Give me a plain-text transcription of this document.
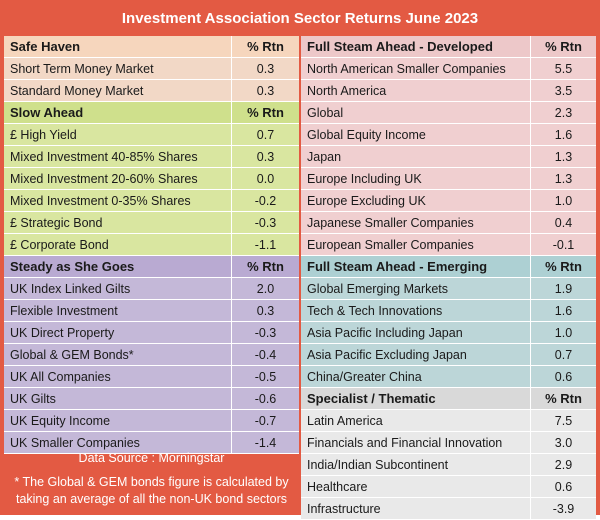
Investment Association Sector Returns June 2023
Safe Haven	% Rtn
Short Term Money Market	0.3
Standard Money Market	0.3
Slow Ahead	% Rtn
£ High Yield	0.7
Mixed Investment 40-85% Shares	0.3
Mixed Investment 20-60% Shares	0.0
Mixed Investment 0-35% Shares	-0.2
£ Strategic Bond	-0.3
£ Corporate Bond	-1.1
Steady as She Goes	% Rtn
UK Index Linked Gilts	2.0
Flexible Investment	0.3
UK Direct Property	-0.3
Global & GEM Bonds*	-0.4
UK All Companies	-0.5
UK Gilts	-0.6
UK Equity Income	-0.7
UK Smaller Companies	-1.4
Full Steam Ahead - Developed	% Rtn
North American Smaller Companies	5.5
North America	3.5
Global	2.3
Global Equity Income	1.6
Japan	1.3
Europe Including UK	1.3
Europe Excluding UK	1.0
Japanese Smaller Companies	0.4
European Smaller Companies	-0.1
Full Steam Ahead - Emerging	% Rtn
Global Emerging Markets	1.9
Tech & Tech Innovations	1.6
Asia Pacific Including Japan	1.0
Asia Pacific Excluding Japan	0.7
China/Greater China	0.6
Specialist / Thematic	% Rtn
Latin America	7.5
Financials and Financial Innovation	3.0
India/Indian Subcontinent	2.9
Healthcare	0.6
Infrastructure	-3.9
Data Source : Morningstar
* The Global & GEM bonds figure is calculated by taking an average of all the non-UK bond sectors
